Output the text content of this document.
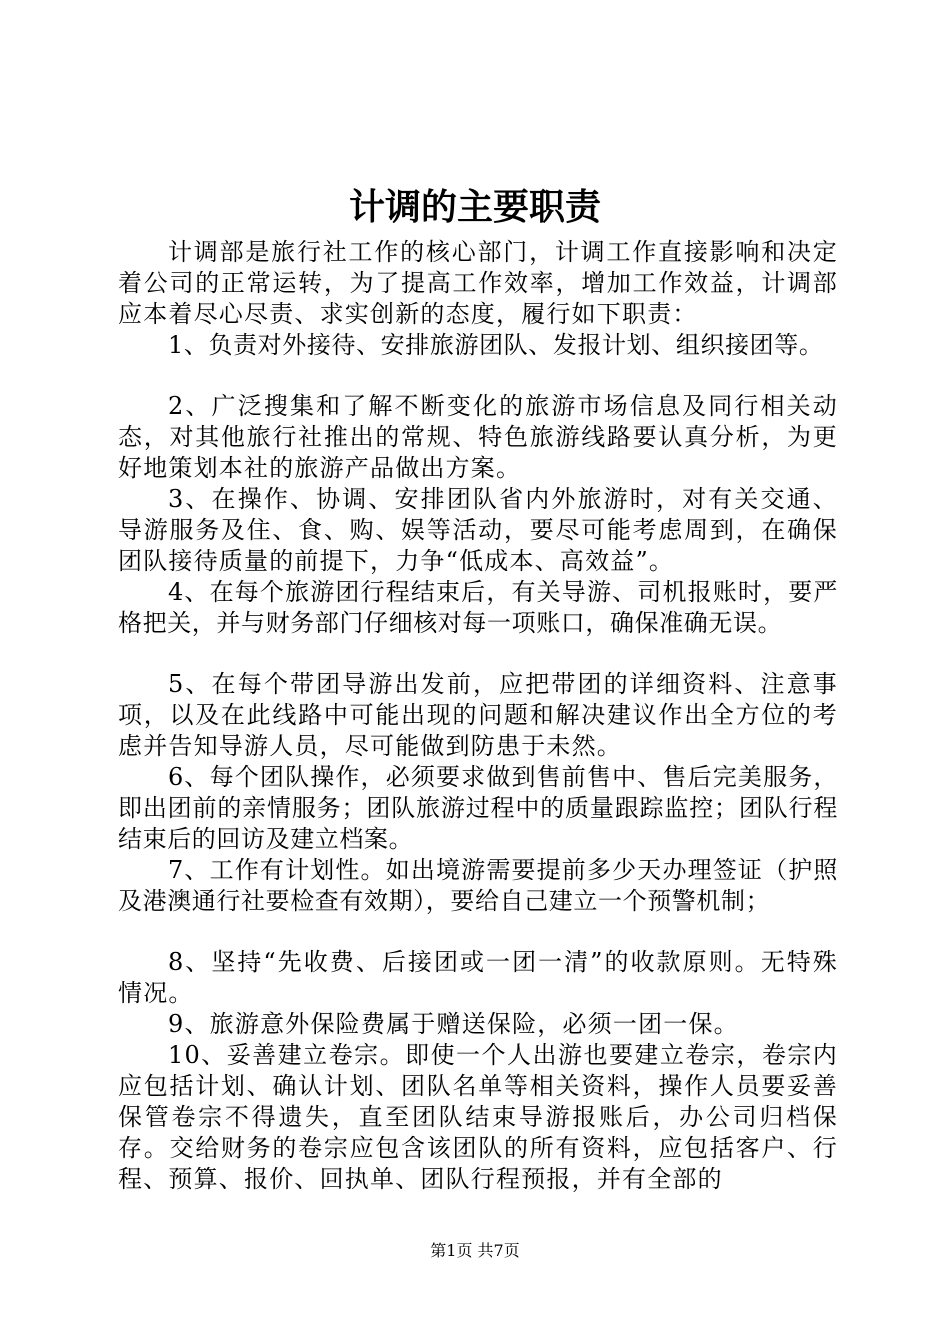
计调的主要职责

计调部是旅行社工作的核心部门，计调工作直接影响和决定着公司的正常运转，为了提高工作效率，增加工作效益，计调部应本着尽心尽责、求实创新的态度，履行如下职责：

1、负责对外接待、安排旅游团队、发报计划、组织接团等。

2、广泛搜集和了解不断变化的旅游市场信息及同行相关动态，对其他旅行社推出的常规、特色旅游线路要认真分析，为更好地策划本社的旅游产品做出方案。

3、在操作、协调、安排团队省内外旅游时，对有关交通、导游服务及住、食、购、娱等活动，要尽可能考虑周到，在确保团队接待质量的前提下，力争“低成本、高效益”。

4、在每个旅游团行程结束后，有关导游、司机报账时，要严格把关，并与财务部门仔细核对每一项账口，确保准确无误。

5、在每个带团导游出发前，应把带团的详细资料、注意事项，以及在此线路中可能出现的问题和解决建议作出全方位的考虑并告知导游人员，尽可能做到防患于未然。

6、每个团队操作，必须要求做到售前售中、售后完美服务，即出团前的亲情服务；团队旅游过程中的质量跟踪监控；团队行程结束后的回访及建立档案。

7、工作有计划性。如出境游需要提前多少天办理签证（护照及港澳通行社要检查有效期），要给自己建立一个预警机制；

8、坚持“先收费、后接团或一团一清”的收款原则。无特殊情况。

9、旅游意外保险费属于赠送保险，必须一团一保。

10、妥善建立卷宗。即使一个人出游也要建立卷宗，卷宗内应包括计划、确认计划、团队名单等相关资料，操作人员要妥善保管卷宗不得遗失，直至团队结束导游报账后，办公司归档保存。交给财务的卷宗应包含该团队的所有资料，应包括客户、行程、预算、报价、回执单、团队行程预报，并有全部的

第1页 共7页
